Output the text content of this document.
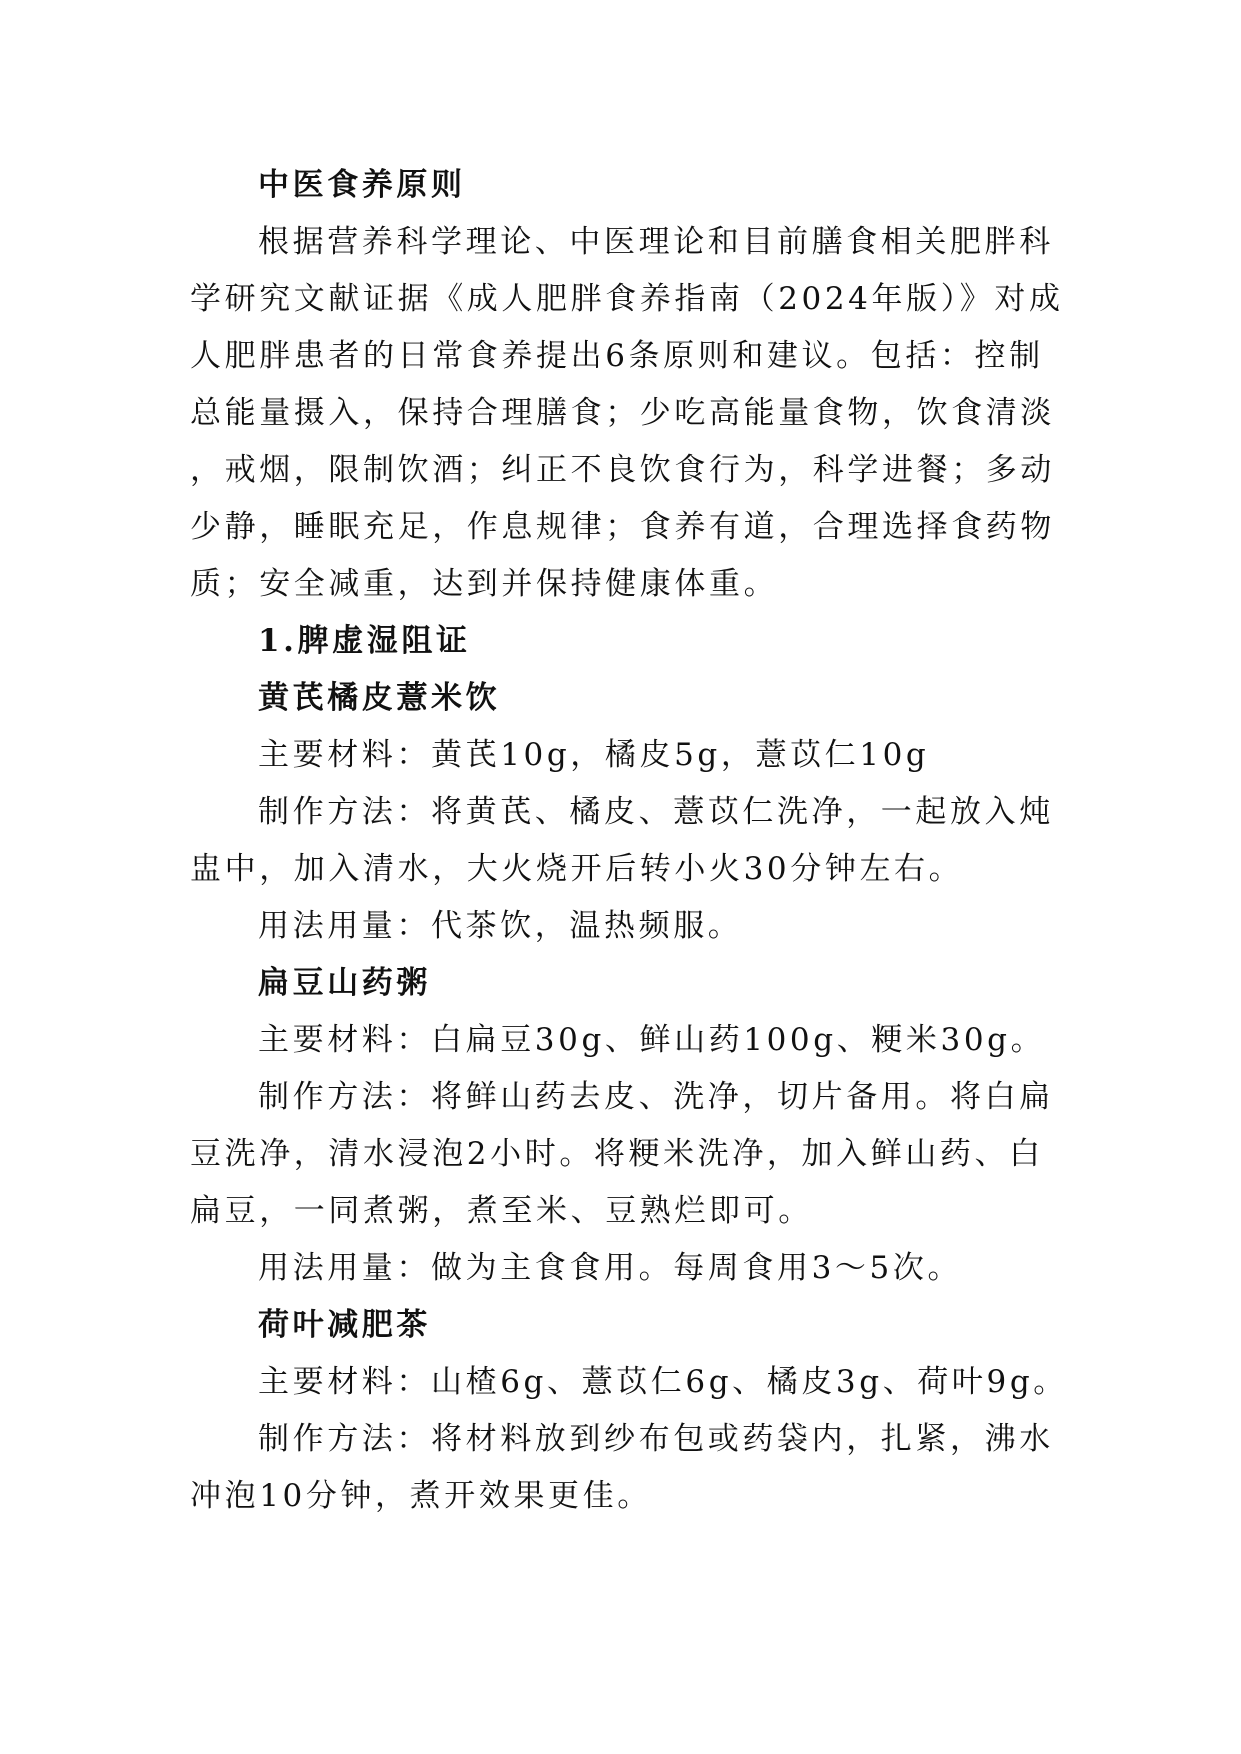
中医食养原则
根据营养科学理论、中医理论和目前膳食相关肥胖科
学研究文献证据《成人肥胖食养指南（2024年版）》对成
人肥胖患者的日常食养提出6条原则和建议。包括：控制
总能量摄入，保持合理膳食；少吃高能量食物，饮食清淡
，戒烟，限制饮酒；纠正不良饮食行为，科学进餐；多动
少静，睡眠充足，作息规律；食养有道，合理选择食药物
质；安全减重，达到并保持健康体重。
1.脾虚湿阻证
黄芪橘皮薏米饮
主要材料：黄芪10g，橘皮5g，薏苡仁10g
制作方法：将黄芪、橘皮、薏苡仁洗净，一起放入炖
盅中，加入清水，大火烧开后转小火30分钟左右。
用法用量：代茶饮，温热频服。
扁豆山药粥
主要材料：白扁豆30g、鲜山药100g、粳米30g。
制作方法：将鲜山药去皮、洗净，切片备用。将白扁
豆洗净，清水浸泡2小时。将粳米洗净，加入鲜山药、白
扁豆，一同煮粥，煮至米、豆熟烂即可。
用法用量：做为主食食用。每周食用3～5次。
荷叶减肥茶
主要材料：山楂6g、薏苡仁6g、橘皮3g、荷叶9g。
制作方法：将材料放到纱布包或药袋内，扎紧，沸水
冲泡10分钟，煮开效果更佳。
